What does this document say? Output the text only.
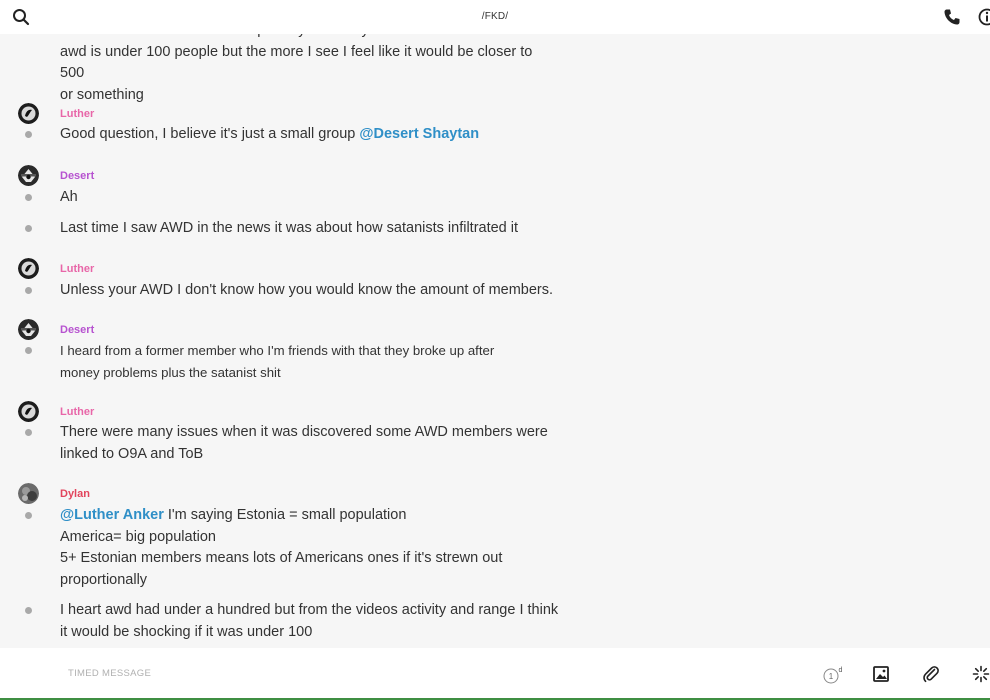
awd is under 100 people but the more I see I feel like it would be closer to 500
or something
Luther
Good question, I believe it's just a small group @Desert Shaytan
Desert
Ah
Last time I saw AWD in the news it was about how satanists infiltrated it
Luther
Unless your AWD I don't know how you would know the amount of members.
Desert
I heard from a former member who I'm friends with that they broke up after
money problems plus the satanist shit
Luther
There were many issues when it was discovered some AWD members were
linked to O9A and ToB
Dylan
@Luther Anker I'm saying Estonia = small population
America= big population
5+ Estonian members means lots of Americans ones if it's strewn out
proportionally
I heart awd had under a hundred but from the videos activity and range I think
it would be shocking if it was under 100
/FKD/
TIMED MESSAGE	1
d
